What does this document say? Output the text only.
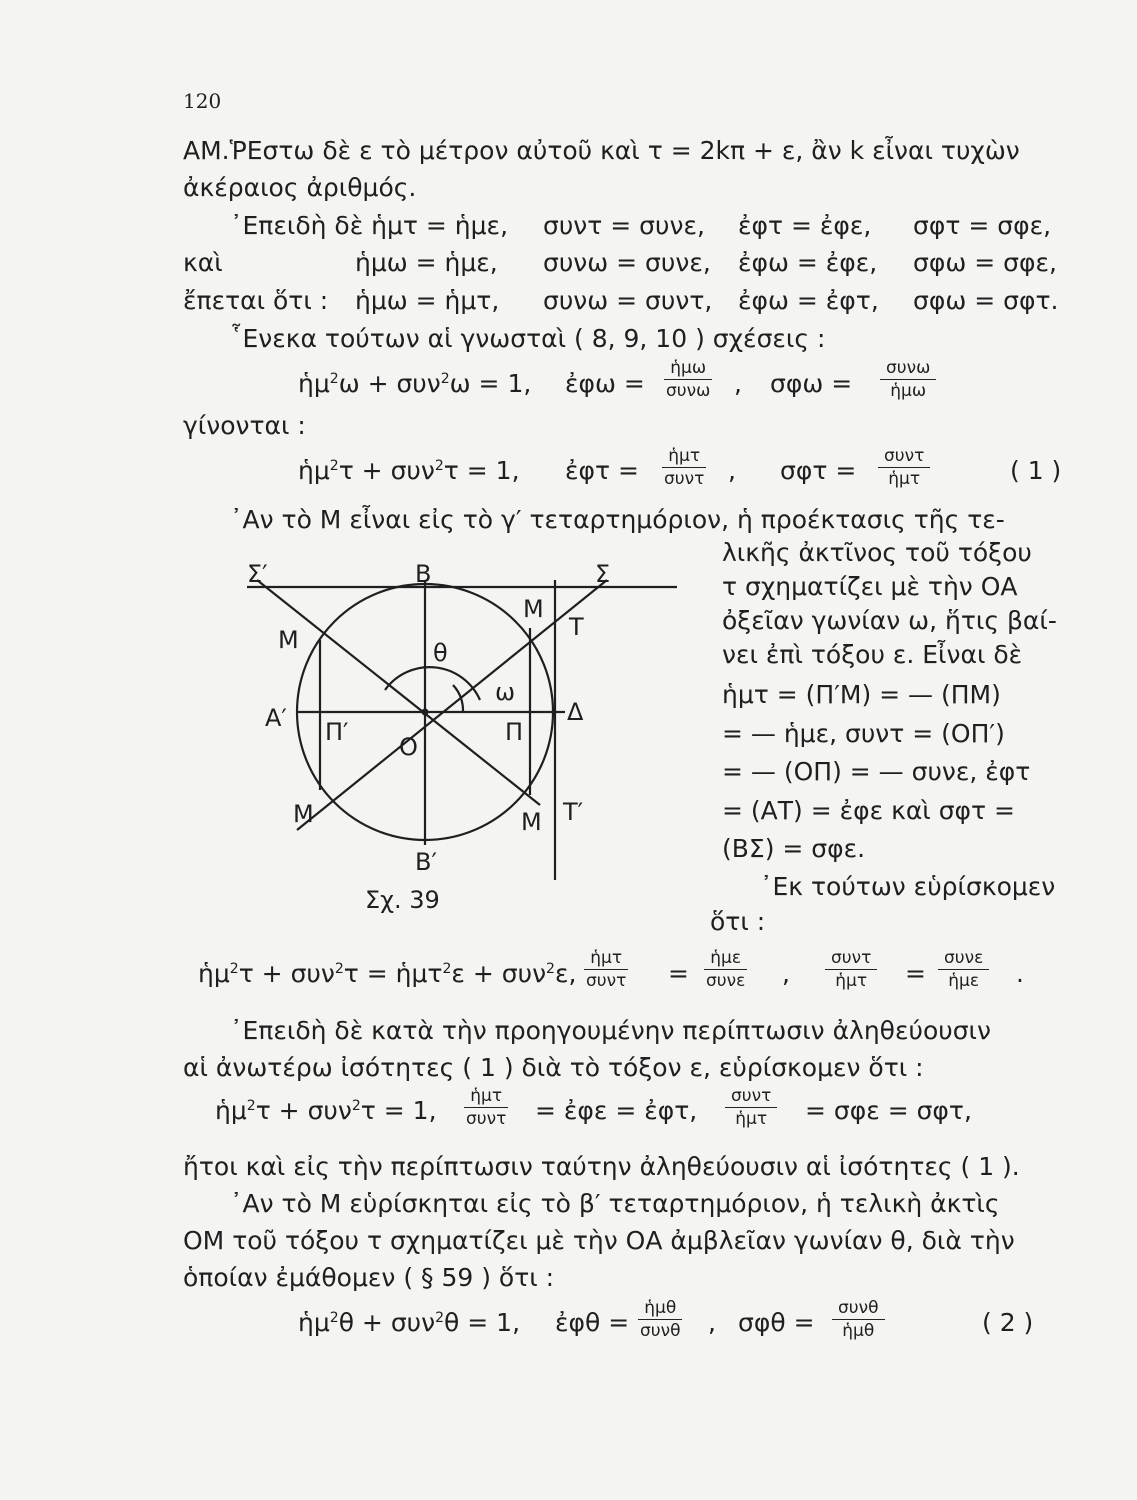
120
ΑΜ.ῬΕστω δὲ ε τὸ μέτρον αὐτοῦ καὶ τ = 2kπ + ε, ἂν k εἶναι τυχὼν
ἀκέραιος ἀριθμός.
᾿Επειδὴ δὲ ἡμτ = ἡμε, συντ = συνε, ἐφτ = ἐφε, σφτ = σφε,
καὶ	ἡμω = ἡμε, συνω = συνε, ἐφω = ἐφε, σφω = σφε,
ἔπεται ὅτι : ἡμω = ἡμτ, συνω = συντ, ἐφω = ἐφτ, σφω = σφτ.
῟Ενεκα τούτων αἱ γνωσταὶ ( 8, 9, 10 ) σχέσεις :
ἡμ$^2$ω + συν$^2$ω = 1, ἐφω =
ἡμω
συνω , σφω =
συνω
ἡμω
γίνονται :
ἡμ$^2$τ + συν$^2$τ = 1, ἐφτ =	ἡμτ
συντ , σφτ =	συντ
ἡμτ	( 1 )
᾽Αν τὸ Μ εἶναι εἰς τὸ γ′ τεταρτημόριον, ἡ προέκτασις τῆς τε-
λικῆς ἀκτῖνος τοῦ τόξου
τ σχηματίζει μὲ τὴν ΟΑ
ὀξεῖαν γωνίαν ω, ἥτις βαί-
νει ἐπὶ τόξου ε. Εἶναι δὲ
ἡμτ = (Π′Μ) = — (ΠΜ)
= — ἡμε, συντ = (ΟΠ′)
= — (ΟΠ) = — συνε, ἐφτ
= (ΑΤ) = ἐφε καὶ σφτ =
(ΒΣ) = σφε.
᾿Εκ τούτων εὑρίσκομεν
ὅτι :
Σ′	Β	Σ
Μ
Τ
Μ	θ
ω
Α′ Π′
Ο
Π
Δ
Μ	Μ Τ′
Β′
Σχ. 39
ἡμ$^2$τ + συν$^2$τ = ἡμτ$^2$ε + συν$^2$ε,
ἡμτ
συντ =
ἡμε
συνε ,
συντ
ἡμτ =
συνε
ἡμε .
᾿Επειδὴ δὲ κατὰ τὴν προηγουμένην περίπτωσιν ἀληθεύουσιν
αἱ ἀνωτέρω ἰσότητες ( 1 ) διὰ τὸ τόξον ε, εὑρίσκομεν ὅτι :
ἡμ$^2$τ + συν$^2$τ = 1,	ἡμτ
συντ = ἐφε = ἐφτ,	συντ
ἡμτ = σφε = σφτ,
ἤτοι καὶ εἰς τὴν περίπτωσιν ταύτην ἀληθεύουσιν αἱ ἰσότητες ( 1 ).
᾽Αν τὸ Μ εὑρίσκηται εἰς τὸ β′ τεταρτημόριον, ἡ τελικὴ ἀκτὶς
ΟΜ τοῦ τόξου τ σχηματίζει μὲ τὴν ΟΑ ἀμβλεῖαν γωνίαν θ, διὰ τὴν
ὁποίαν ἐμάθομεν ( § 59 ) ὅτι :
ἡμ$^2$θ + συν$^2$θ = 1, ἐφθ = ἡμθ
συνθ , σφθ =	συνθ
ἡμθ	( 2 )
